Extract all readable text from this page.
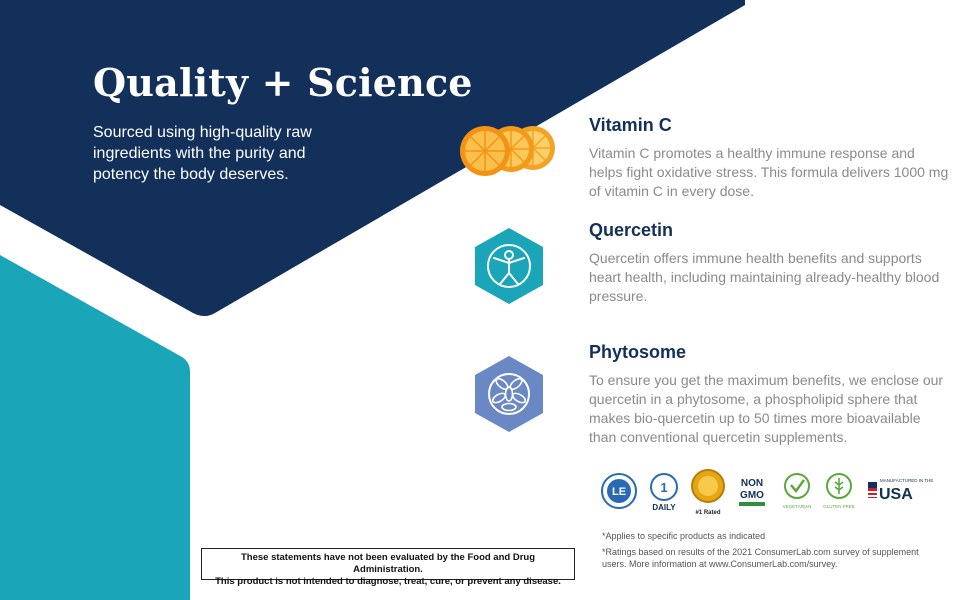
Quality + Science

Sourced using high-quality raw ingredients with the purity and potency the body deserves.

Vitamin C

Vitamin C promotes a healthy immune response and helps fight oxidative stress. This formula delivers 1000 mg of vitamin C in every dose.

Quercetin

Quercetin offers immune health benefits and supports heart health, including maintaining already-healthy blood pressure.

Phytosome

To ensure you get the maximum benefits, we enclose our quercetin in a phytosome, a phospholipid sphere that makes bio-quercetin up to 50 times more bioavailable than conventional quercetin supplements.

LE	1
DAILY
#1 Rated
NON
GMO
VEGETARIAN	GLUTEN FREE
MANUFACTURED IN THE
USA

*Applies to specific products as indicated

*Ratings based on results of the 2021 ConsumerLab.com survey of supplement users. More information at www.ConsumerLab.com/survey.

These statements have not been evaluated by the Food and Drug Administration.
This product is not intended to diagnose, treat, cure, or prevent any disease.
